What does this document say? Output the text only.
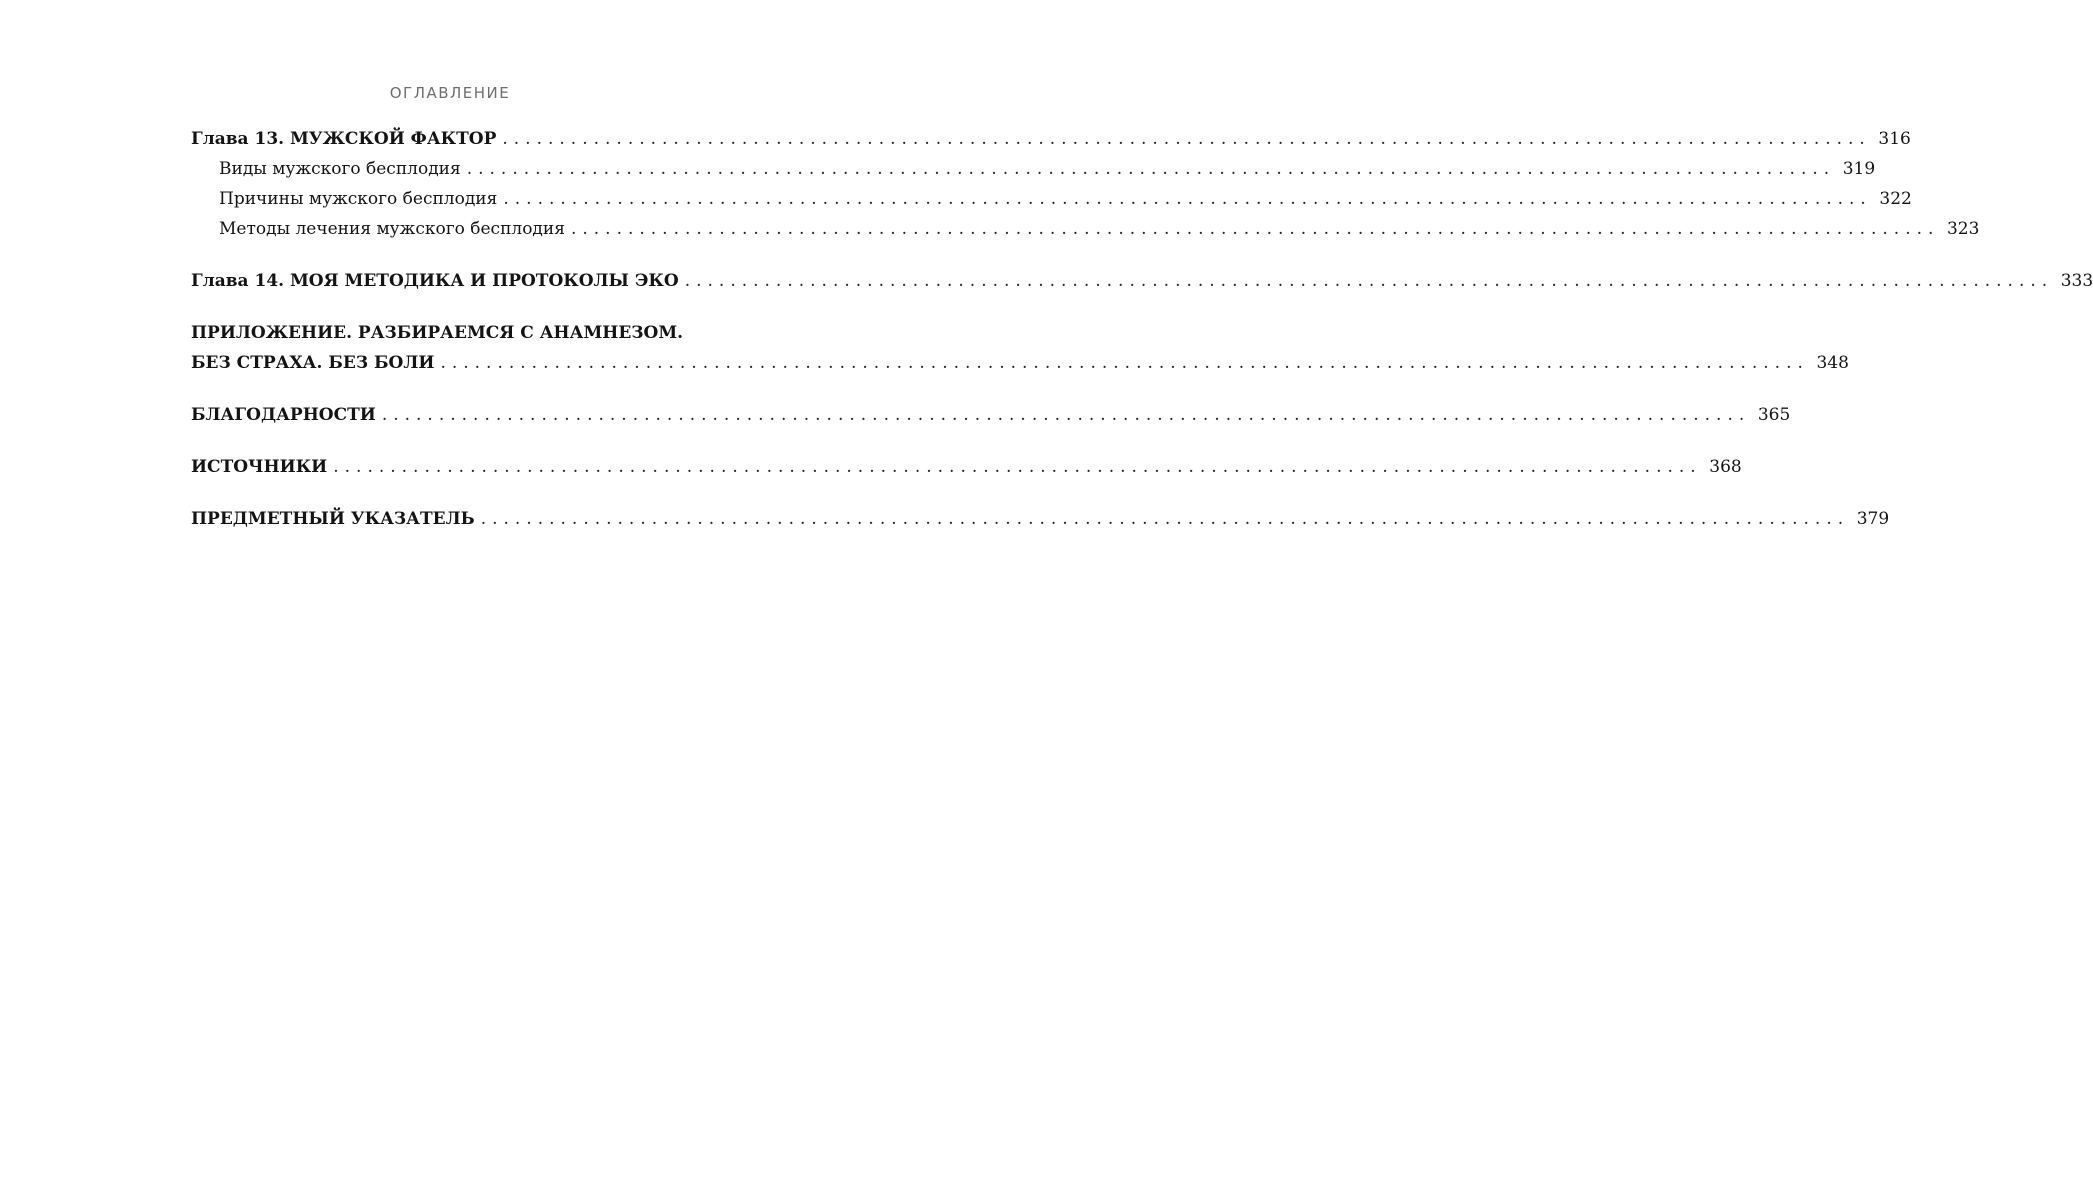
ОГЛАВЛЕНИЕ
Глава 13. МУЖСКОЙ ФАКТОР ........................................................................................................................ 316
Виды мужского бесплодия ........................................................................................................................ 319
Причины мужского бесплодия ........................................................................................................................ 322
Методы лечения мужского бесплодия ........................................................................................................................ 323
Глава 14. МОЯ МЕТОДИКА И ПРОТОКОЛЫ ЭКО ........................................................................................................................ 333
ПРИЛОЖЕНИЕ. РАЗБИРАЕМСЯ С АНАМНЕЗОМ.
БЕЗ СТРАХА. БЕЗ БОЛИ ........................................................................................................................ 348
БЛАГОДАРНОСТИ ........................................................................................................................ 365
ИСТОЧНИКИ ........................................................................................................................ 368
ПРЕДМЕТНЫЙ УКАЗАТЕЛЬ ........................................................................................................................ 379
